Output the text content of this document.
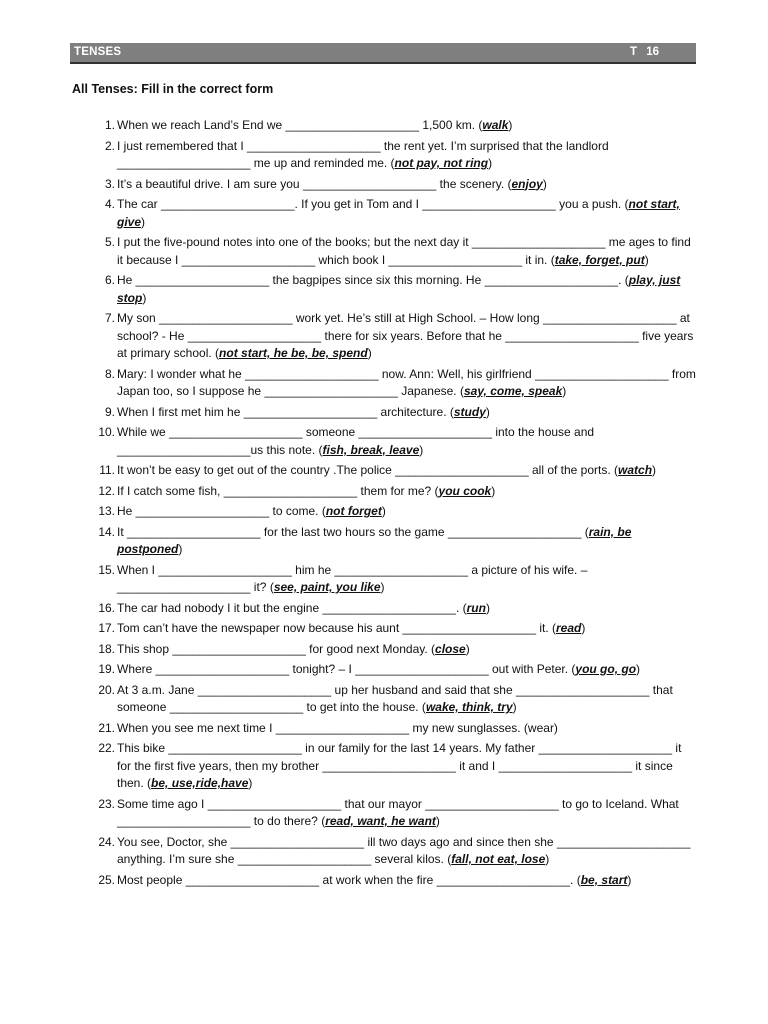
TENSES	T 16
All Tenses: Fill in the correct form
1. When we reach Land’s End we ____________________ 1,500 km. (walk)
2. I just remembered that I ____________________ the rent yet. I’m surprised that the landlord ____________________ me up and reminded me. (not pay, not ring)
3. It’s a beautiful drive. I am sure you ____________________ the scenery. (enjoy)
4. The car ____________________. If you get in Tom and I ____________________ you a push. (not start, give)
5. I put the five-pound notes into one of the books; but the next day it ____________________ me ages to find it because I ____________________ which book I ____________________ it in. (take, forget, put)
6. He ____________________ the bagpipes since six this morning. He ____________________. (play, just stop)
7. My son ____________________ work yet. He’s still at High School. – How long ____________________ at school? - He ____________________ there for six years. Before that he ____________________ five years at primary school. (not start, he be, be, spend)
8. Mary: I wonder what he ____________________ now. Ann: Well, his girlfriend ____________________ from Japan too, so I suppose he ____________________ Japanese. (say, come, speak)
9. When I first met him he ____________________ architecture. (study)
10. While we ____________________ someone ____________________ into the house and ____________________us this note. (fish, break, leave)
11. It won’t be easy to get out of the country .The police ____________________ all of the ports. (watch)
12. If I catch some fish, ____________________ them for me? (you cook)
13. He ____________________ to come. (not forget)
14. It ____________________ for the last two hours so the game ____________________ (rain, be postponed)
15. When I ____________________ him he ____________________ a picture of his wife. – ____________________ it? (see, paint, you like)
16. The car had nobody I it but the engine ____________________. (run)
17. Tom can’t have the newspaper now because his aunt ____________________ it. (read)
18. This shop ____________________ for good next Monday. (close)
19. Where ____________________ tonight? – I ____________________ out with Peter. (you go, go)
20. At 3 a.m. Jane ____________________ up her husband and said that she ____________________ that someone ____________________ to get into the house. (wake, think, try)
21. When you see me next time I ____________________ my new sunglasses. (wear)
22. This bike ____________________ in our family for the last 14 years. My father ____________________ it for the first five years, then my brother ____________________ it and I ____________________ it since then. (be, use,ride,have)
23. Some time ago I ____________________ that our mayor ____________________ to go to Iceland. What ____________________ to do there? (read, want, he want)
24. You see, Doctor, she ____________________ ill two days ago and since then she ____________________ anything. I’m sure she ____________________ several kilos. (fall, not eat, lose)
25. Most people ____________________ at work when the fire ____________________. (be, start)
